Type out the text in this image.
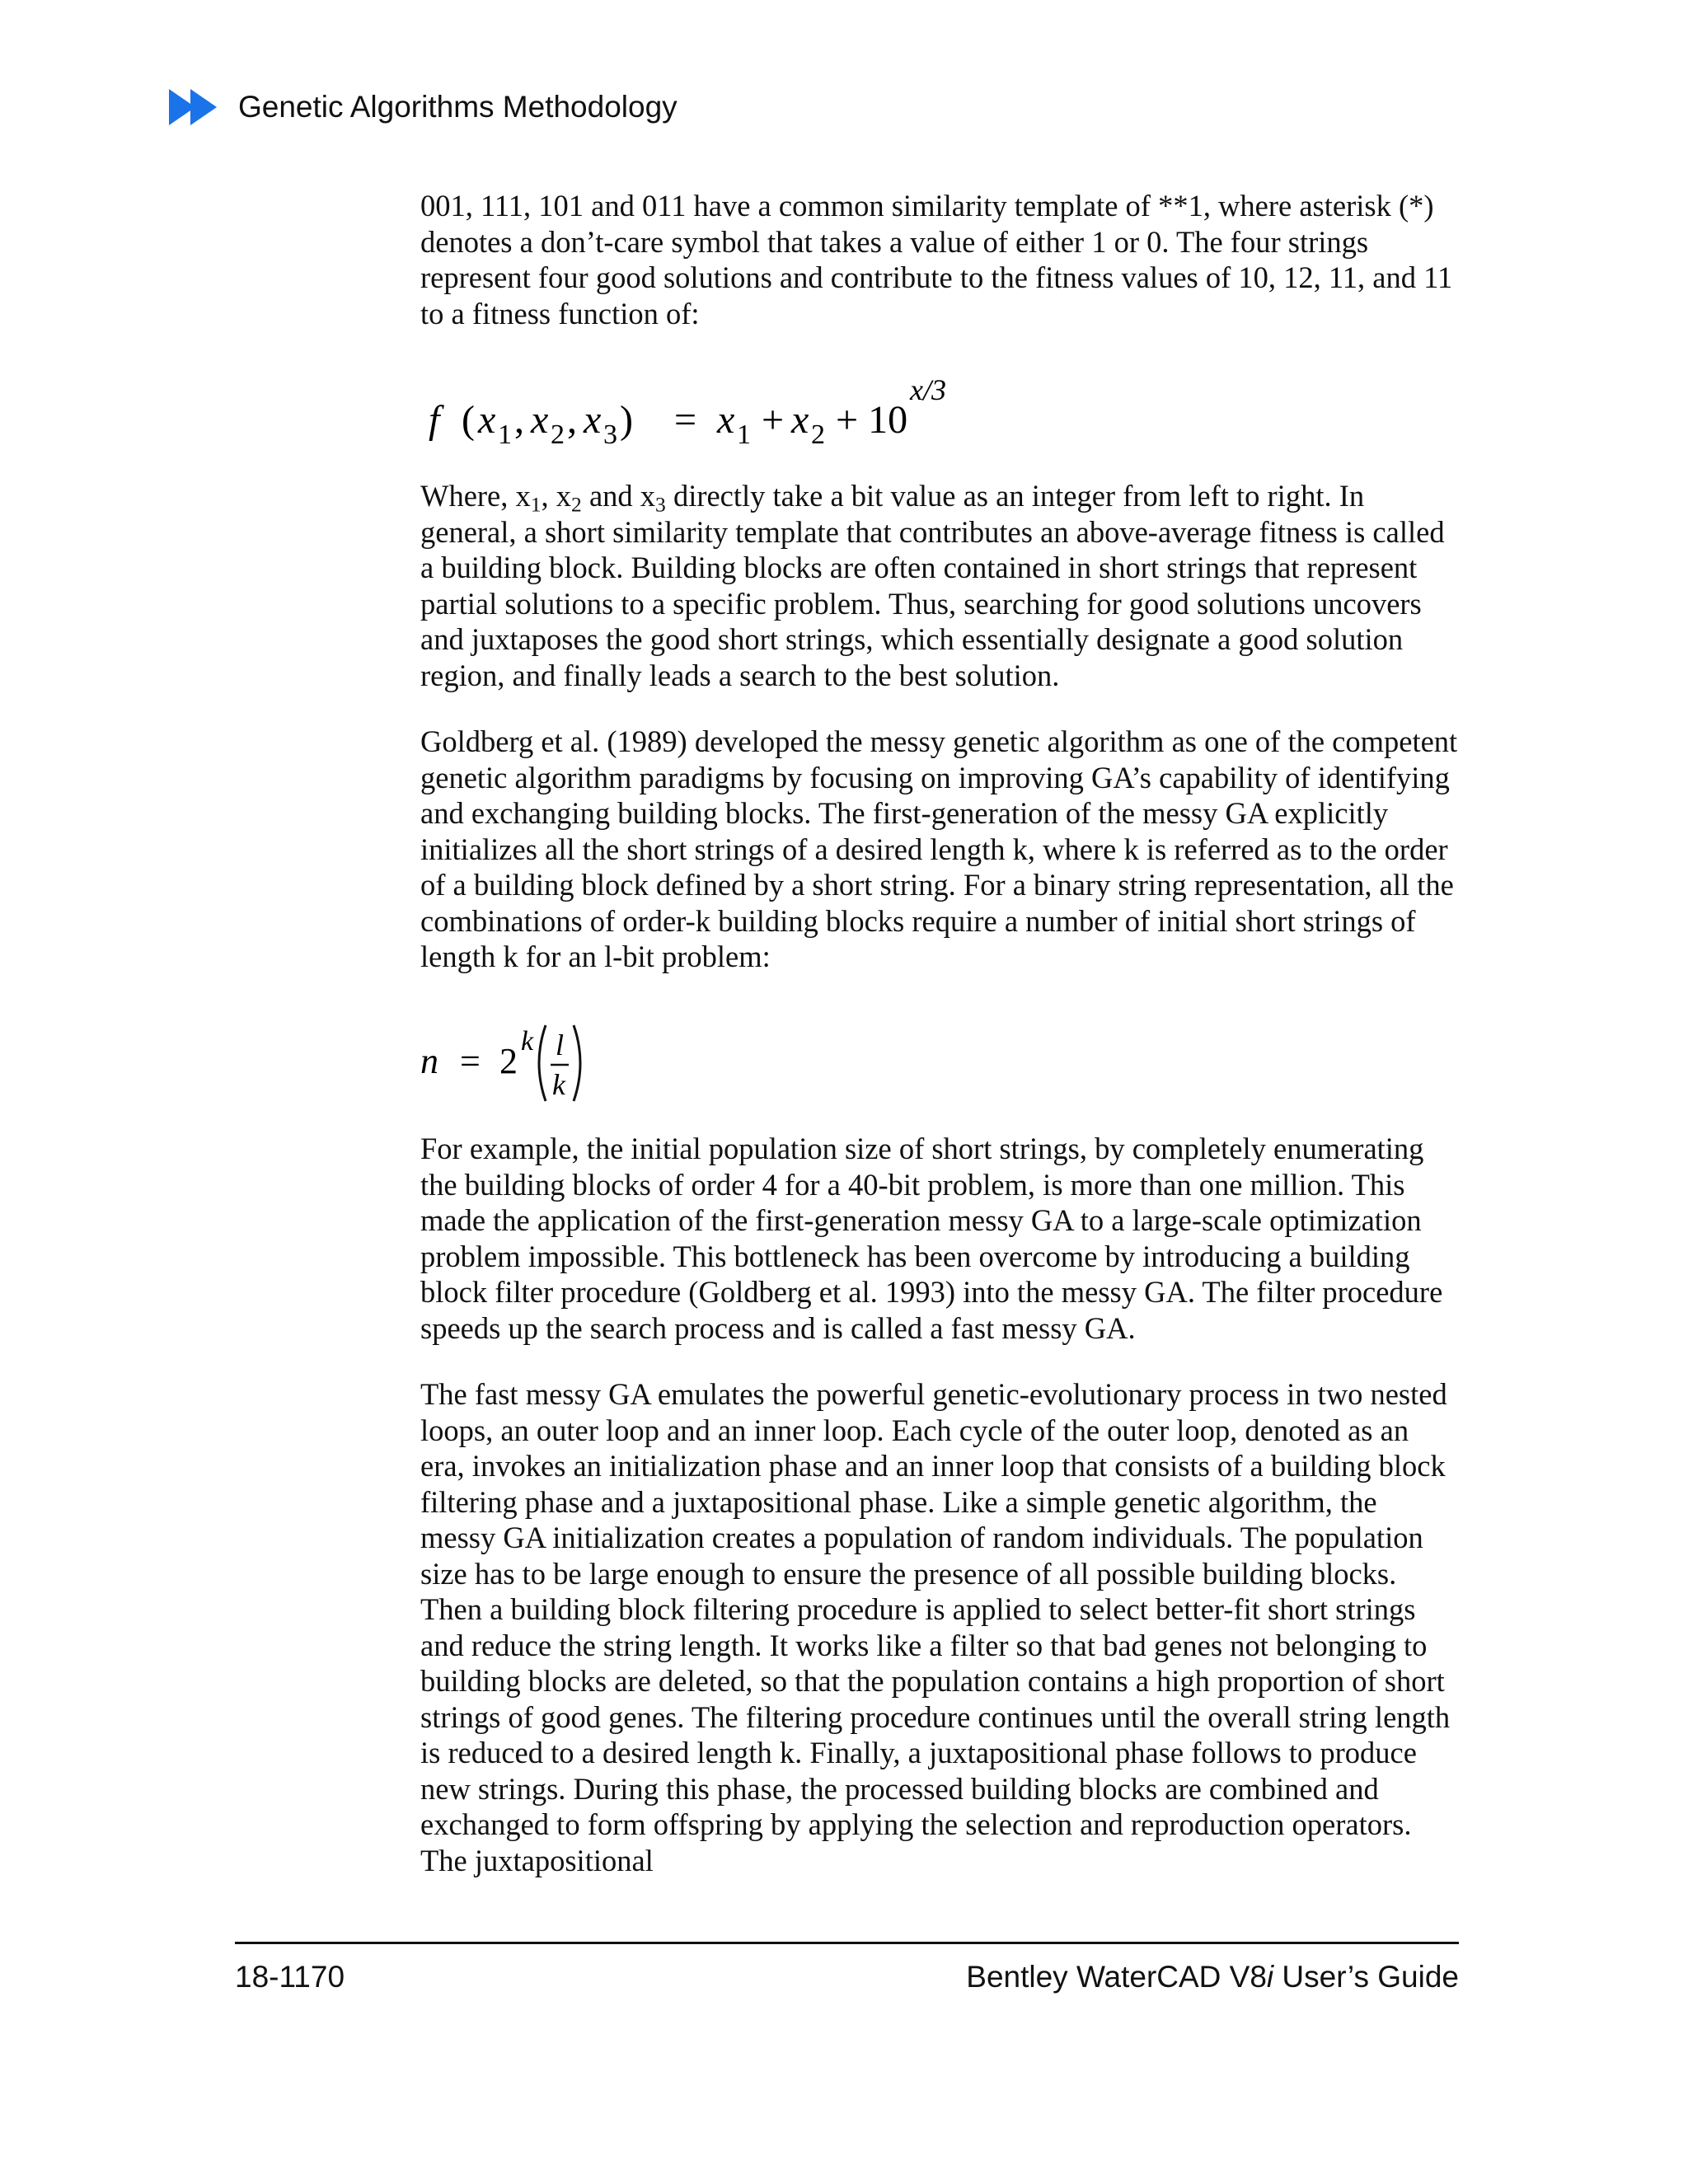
Genetic Algorithms Methodology

001, 111, 101 and 011 have a common similarity template of **1, where asterisk (*) denotes a don’t-care symbol that takes a value of either 1 or 0. The four strings represent four good solutions and contribute to the fitness values of 10, 12, 11, and 11 to a fitness function of:

f ( x 1 , x 2 , x 3 ) = x 1 + x 2 + 10
x/3

Where, $x_1$, $x_2$ and $x_3$ directly take a bit value as an integer from left to right. In general, a short similarity template that contributes an above-average fitness is called a building block. Building blocks are often contained in short strings that represent partial solutions to a specific problem. Thus, searching for good solutions uncovers and juxtaposes the good short strings, which essentially designate a good solution region, and finally leads a search to the best solution.

Goldberg et al. (1989) developed the messy genetic algorithm as one of the competent genetic algorithm paradigms by focusing on improving GA’s capability of identifying and exchanging building blocks. The first-generation of the messy GA explicitly initializes all the short strings of a desired length k, where k is referred as to the order of a building block defined by a short string. For a binary string representation, all the combinations of order-k building blocks require a number of initial short strings of length k for an l-bit problem:

n = 2 k l
k

For example, the initial population size of short strings, by completely enumerating the building blocks of order 4 for a 40-bit problem, is more than one million. This made the application of the first-generation messy GA to a large-scale optimization problem impossible. This bottleneck has been overcome by introducing a building block filter procedure (Goldberg et al. 1993) into the messy GA. The filter procedure speeds up the search process and is called a fast messy GA.

The fast messy GA emulates the powerful genetic-evolutionary process in two nested loops, an outer loop and an inner loop. Each cycle of the outer loop, denoted as an era, invokes an initialization phase and an inner loop that consists of a building block filtering phase and a juxtapositional phase. Like a simple genetic algorithm, the messy GA initialization creates a population of random individuals. The population size has to be large enough to ensure the presence of all possible building blocks. Then a building block filtering procedure is applied to select better-fit short strings and reduce the string length. It works like a filter so that bad genes not belonging to building blocks are deleted, so that the population contains a high proportion of short strings of good genes. The filtering procedure continues until the overall string length is reduced to a desired length k. Finally, a juxtapositional phase follows to produce new strings. During this phase, the processed building blocks are combined and exchanged to form offspring by applying the selection and reproduction operators. The juxtapositional

18-1170	Bentley WaterCAD V8i User’s Guide
